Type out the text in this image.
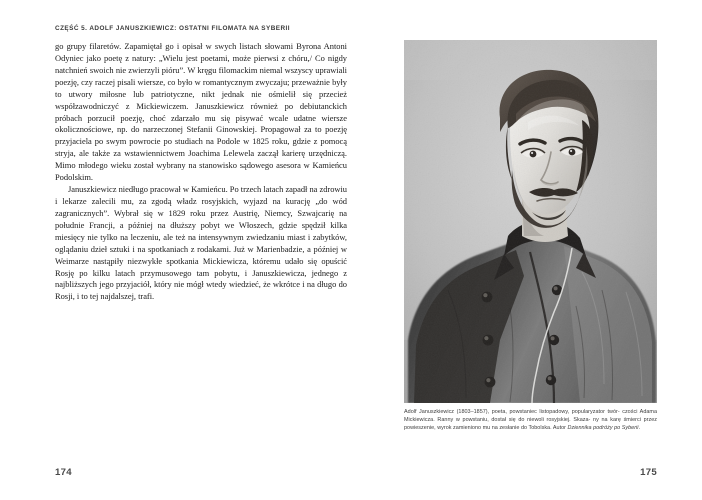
CZĘŚĆ 5. ADOLF JANUSZKIEWICZ: OSTATNI FILOMATA NA SYBERII

go grupy filaretów. Zapamiętał go i opisał w swych listach słowami Byrona Antoni Odyniec jako poetę z natury: „Wielu jest poetami, może pierwsi z chóru,/ Co nigdy natchnień swoich nie zwierzyli pióru”. W kręgu filomackim niemal wszyscy uprawiali poezję, czy raczej pisali wiersze, co było w romantycznym zwyczaju; przeważnie były to utwory miłosne lub patriotyczne, nikt jednak nie ośmielił się przecież współzawodniczyć z Mickiewiczem. Januszkiewicz również po debiutanckich próbach porzucił poezję, choć zdarzało mu się pisywać wcale udatne wiersze okolicznościowe, np. do narzeczonej Stefanii Ginowskiej. Propagował za to poezję przyjaciela po swym powrocie po studiach na Podole w 1825 roku, gdzie z pomocą stryja, ale także za wstawiennictwem Joachima Lelewela zaczął karierę urzędniczą. Mimo młodego wieku został wybrany na stanowisko sądowego asesora w Kamieńcu Podolskim.

Januszkiewicz niedługo pracował w Kamieńcu. Po trzech latach zapadł na zdrowiu i lekarze zalecili mu, za zgodą władz rosyjskich, wyjazd na kurację „do wód zagranicznych”. Wybrał się w 1829 roku przez Austrię, Niemcy, Szwajcarię na południe Francji, a później na dłuższy pobyt we Włoszech, gdzie spędził kilka miesięcy nie tylko na leczeniu, ale też na intensywnym zwiedzaniu miast i zabytków, oglądaniu dzieł sztuki i na spotkaniach z rodakami. Już w Marienbadzie, a później w Weimarze nastąpiły niezwykłe spotkania Mickiewicza, któremu udało się opuścić Rosję po kilku latach przymusowego tam pobytu, i Januszkiewicza, jednego z najbliższych jego przyjaciół, który nie mógł wtedy wiedzieć, że wkrótce i na długo do Rosji, i to tej najdalszej, trafi.

174
Adolf Januszkiewicz (1803–1857), poeta, powstaniec listopadowy, popularyzator twór- czości Adama Mickiewicza. Ranny w powstaniu, dostał się do niewoli rosyjskiej. Skaza- ny na karę śmierci przez powieszenie, wyrok zamieniono mu na zesłanie do Tobolska. Autor Dziennika podróży po Syberii.
175
